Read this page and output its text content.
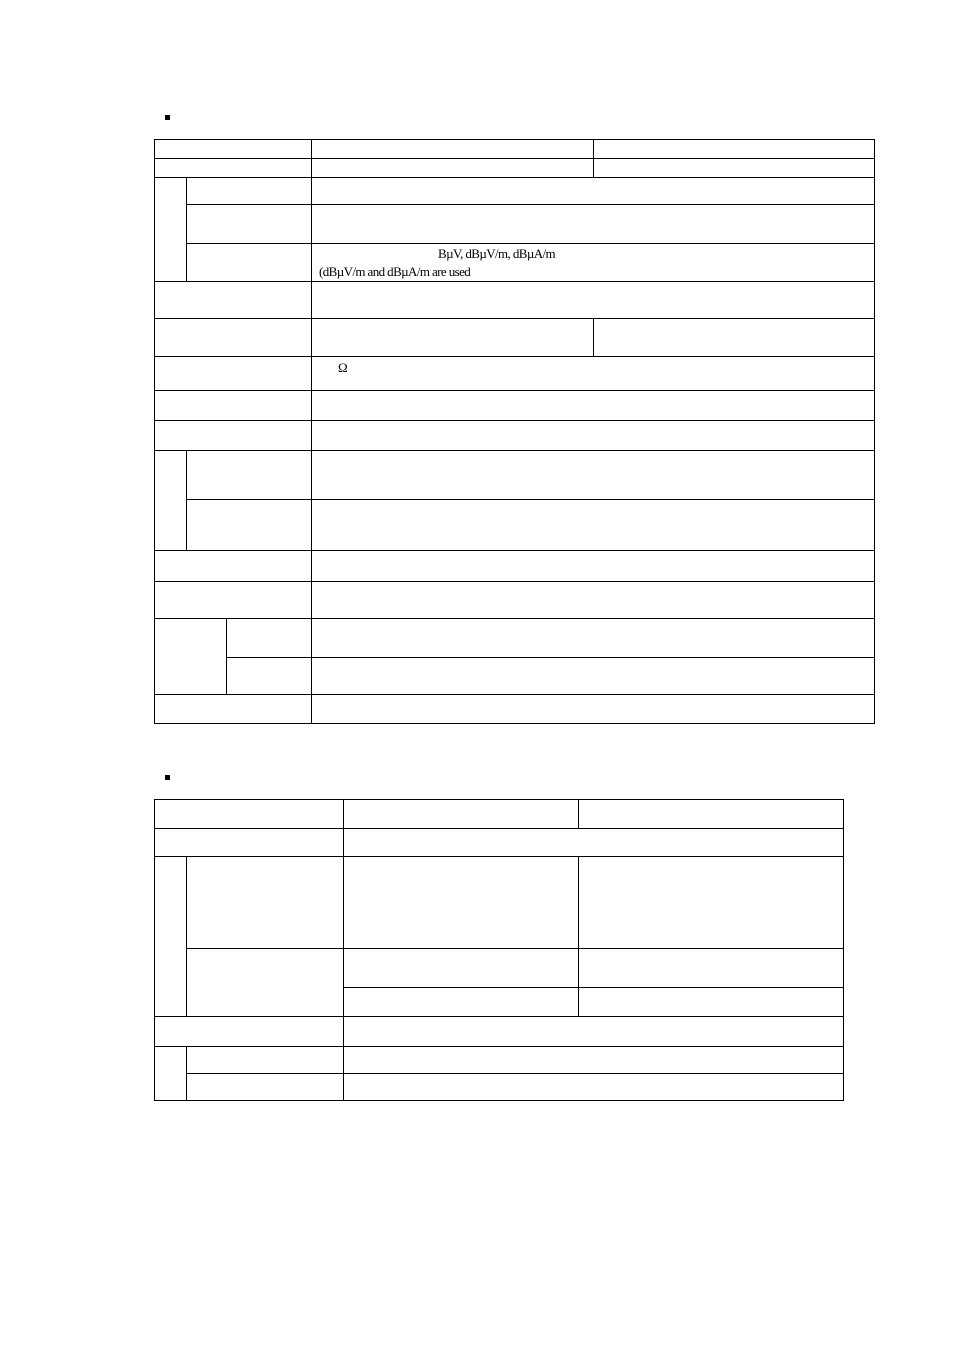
BµV, dBµV/m, dBµA/m
(dBµV/m and dBµA/m are used
Ω
